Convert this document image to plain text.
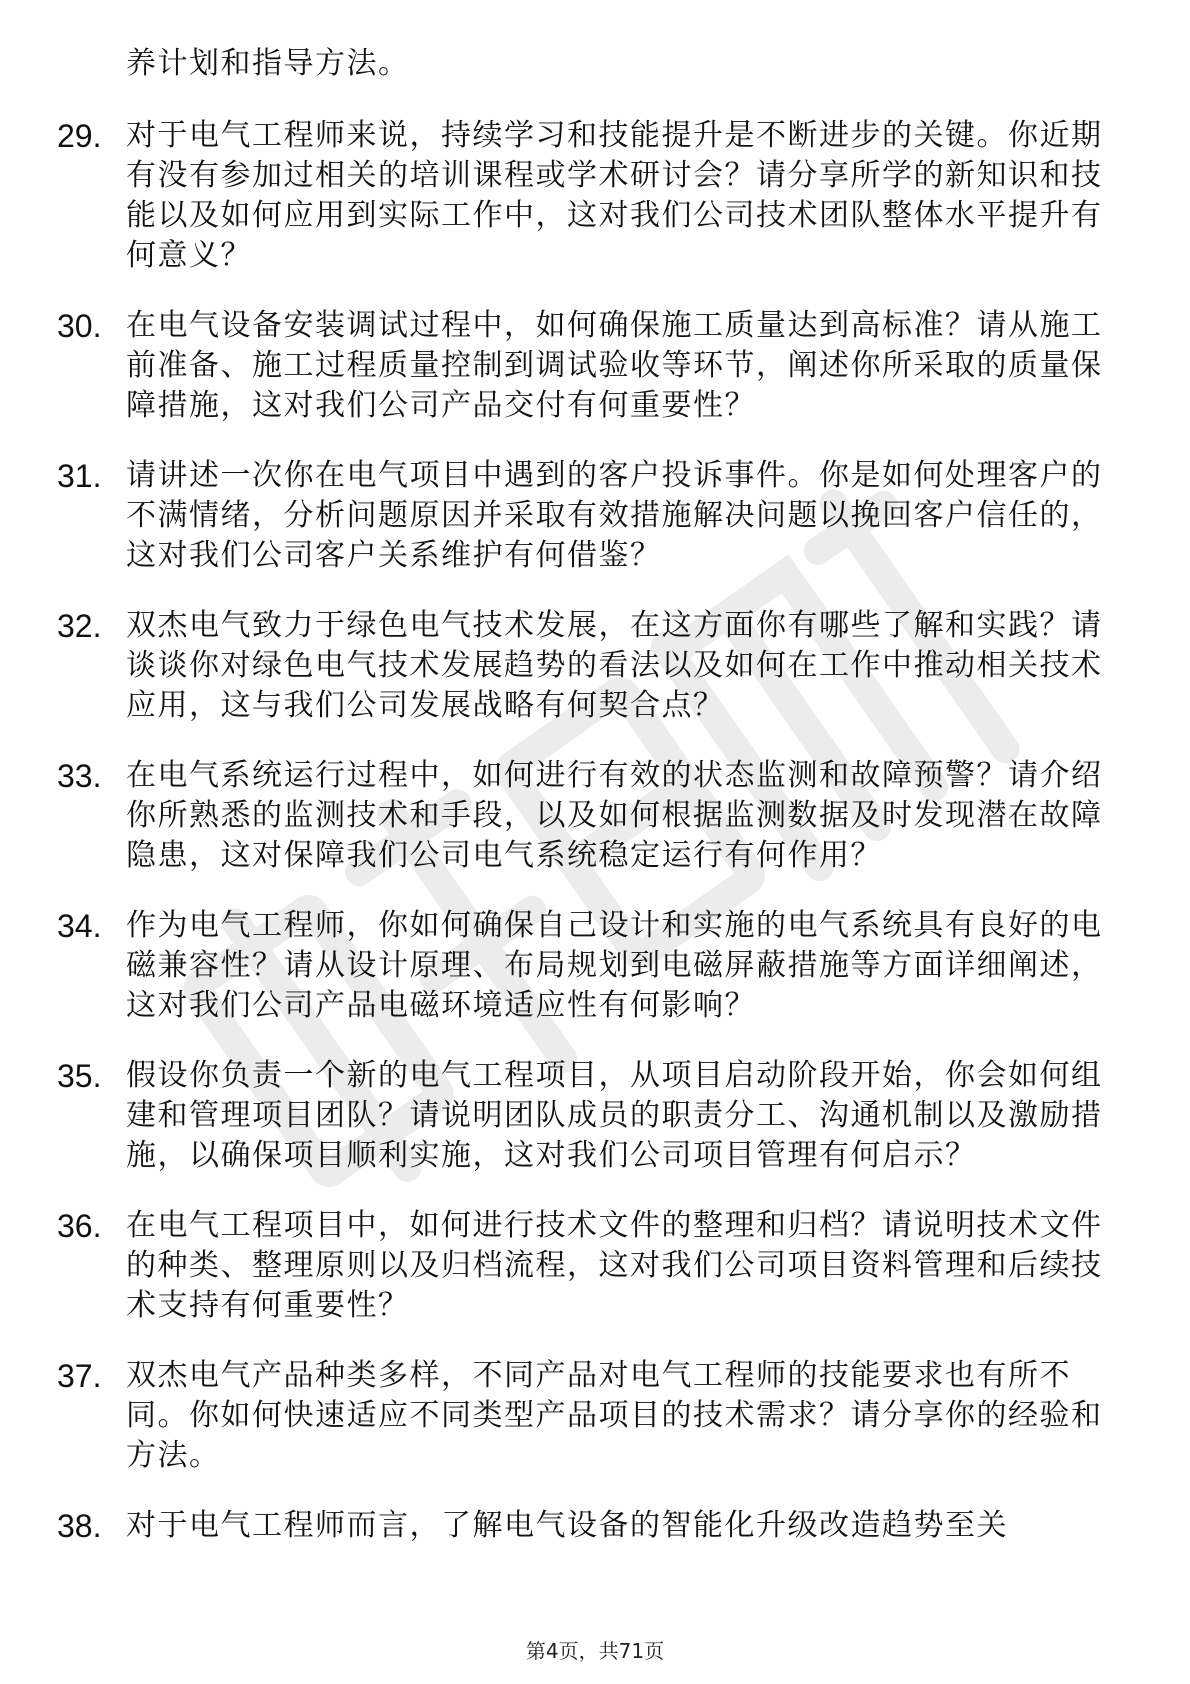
养计划和指导方法。
29. 对于电气工程师来说，持续学习和技能提升是不断进步的关键。你近期有没有参加过相关的培训课程或学术研讨会？请分享所学的新知识和技能以及如何应用到实际工作中，这对我们公司技术团队整体水平提升有何意义？
30. 在电气设备安装调试过程中，如何确保施工质量达到高标准？请从施工前准备、施工过程质量控制到调试验收等环节，阐述你所采取的质量保障措施，这对我们公司产品交付有何重要性？
31. 请讲述一次你在电气项目中遇到的客户投诉事件。你是如何处理客户的不满情绪，分析问题原因并采取有效措施解决问题以挽回客户信任的，这对我们公司客户关系维护有何借鉴？
32. 双杰电气致力于绿色电气技术发展，在这方面你有哪些了解和实践？请谈谈你对绿色电气技术发展趋势的看法以及如何在工作中推动相关技术应用，这与我们公司发展战略有何契合点？
33. 在电气系统运行过程中，如何进行有效的状态监测和故障预警？请介绍你所熟悉的监测技术和手段，以及如何根据监测数据及时发现潜在故障隐患，这对保障我们公司电气系统稳定运行有何作用？
34. 作为电气工程师，你如何确保自己设计和实施的电气系统具有良好的电磁兼容性？请从设计原理、布局规划到电磁屏蔽措施等方面详细阐述，这对我们公司产品电磁环境适应性有何影响？
35. 假设你负责一个新的电气工程项目，从项目启动阶段开始，你会如何组建和管理项目团队？请说明团队成员的职责分工、沟通机制以及激励措施，以确保项目顺利实施，这对我们公司项目管理有何启示？
36. 在电气工程项目中，如何进行技术文件的整理和归档？请说明技术文件的种类、整理原则以及归档流程，这对我们公司项目资料管理和后续技术支持有何重要性？
37. 双杰电气产品种类多样，不同产品对电气工程师的技能要求也有所不同。你如何快速适应不同类型产品项目的技术需求？请分享你的经验和方法。
38. 对于电气工程师而言，了解电气设备的智能化升级改造趋势至关
第4页，共71页
